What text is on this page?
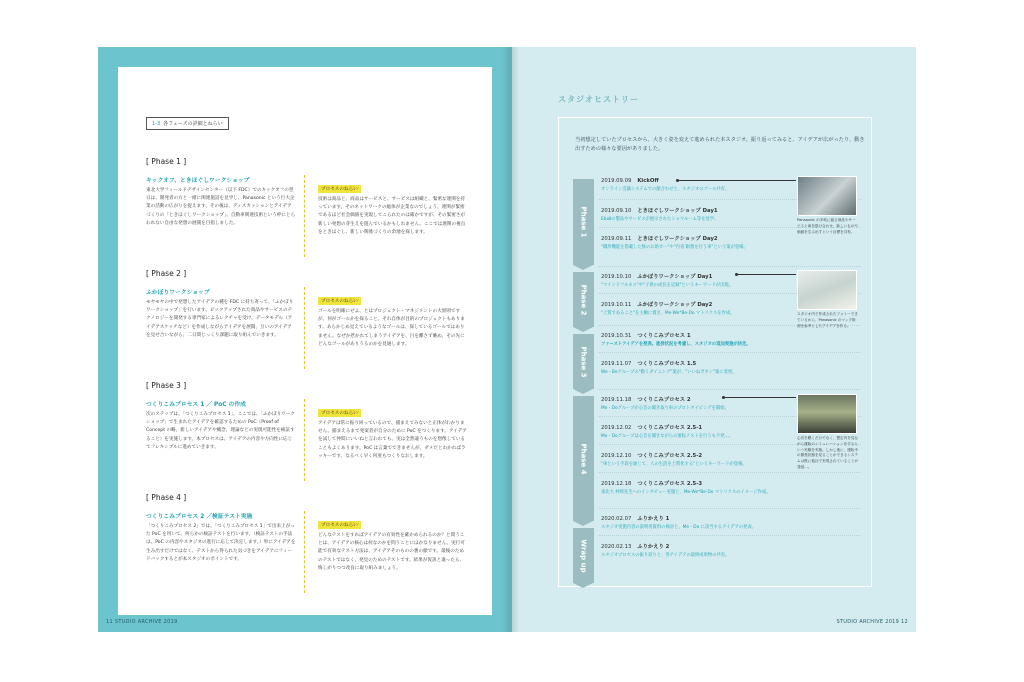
1-3 各フェーズの詳細とねらい
[ Phase 1 ]
キックオフ、ときほぐしワークショップ
東北大学フィールドデザインセンター（以下 FDC）でのキックオフの翌日は、開発者の方と一緒に関連施設を見学し、Panasonic という巨大企業の活動の広がりを捉えます。その後は、ディスカッションとアイデアづくりの「ときほぐしワークショップ」。自動車関連技術という枠にとらわれない自由な発想の展開を目指しました。
プロセスのねらい
技術は商品と、商品はサービスと、サービスは組織と、緊密な連関を持っています。そのネットワークの総体が企業なのでしょう。連関が緊密であるほど社会価値を実現してこられたのは確かですが、その緊密さが新しい発想の芽生えを阻んでいるかもしれません。ここでは連関の視点をときほぐし、新しい関係づくりの余地を探します。
[ Phase 2 ]
ふかぼりワークショップ
モヤモヤの中で発想したアイデアの種を FDC に持ち寄って、「ふかぼりワークショップ」を行います。ピックアップされた商品やサービスのテクノロジーを開発する専門家によるレクチャを受け、データモデル（アイデアスケッチなど）を作成しながらアイデアを展開、互いのアイデアを見せ合いながら、二日間じっくり課題に取り組んでいきます。
プロセスのねらい
ゴールを明確にせよ、とはプロジェクト・マネジメントの大原則ですが、何がゴールかを探ること、それ自体が目的のプロジェクトもあります。あらかじめ見えているようなゴールは、探しているゴールではありません。なぜか惹かれてしまうアイデアを、目を離さず眺め、その先にどんなゴールがありうるのかを見通します。
[ Phase 3 ]
つくりこみプロセス 1 ／ PoC の作成
次のステップは、「つくりこみプロセス 1」。ここでは、「ふかぼりワークショップ」で生まれたアイデアを確認するための PoC（Proof of Concept の略。新しいアイデアや概念、理論などの実現可能性を検証すること）を実施します。本プロセスは、アイデアの内容や方向性に応じてフレキシブルに進めていきます。
プロセスのねらい
アイデアは常に振り回っているので、捕まえてみないと正体がわかりません。捕まえるまで発案者が自分のために PoC をつくります。アイデアを試して仲間にいいねと言われても、実は全然違うものを想像していることもよくあります。PoC は言葉でできませんが、ダメだとわかればラッキーです。なるべく早く何度もつくりなおします。
[ Phase 4 ]
つくりこみプロセス 2 ／検証テスト実施
「つくりこみプロセス 2」では、「つくりこみプロセス 1」で出来上がった PoC を用いて、何らかの検証テストを行います。（検証テストの手法は、PoC の内容やスタジオの進行に応じて決定します。）単にアイデアを生み出すだけではなく、テストから得られた気づきをアイデアにフィードバックするとが本スタジオのポイントです。
プロセスのねらい
どんなテストをすればアイデアの有効性を確かめられるのか？と問うことは、アイデアの核心は何なのかを問うことにほかなりません。実行可能で有効なテスト方法は、アイデアそのものの裏の顔です。最後のためのテストではなく、発見のためのテストです。結果が仮説と違ったら、悔しがりつつ改良に取り組みましょう。
11 STUDIO ARCHIVE 2019
スタジオヒストリー
当初想定していたプロセスから、大きく姿を変えて進められた本スタジオ。振り返ってみると、アイデアが広がったり、動き出すための様々な要因がありました。
Phase 1
Phase 2
Phase 3
Phase 4
Wrap up
2019.09.09 KickOff
オンライン会議システムでの顔合わせと、スタジオのゴール共有。
2019.09.10 ときほぐしワークショップ Day1
EboⅡの製品やサービスが展示されたショウルーム等を見学。
2019.09.11 ときほぐしワークショップ Day2
"橋形機能を搭載した無のお助カー"や"内省 瞑想を行う車"という案が登場。
2019.10.10 ふかぼりワークショップ Day1
"マインドフルネス"や"子供の成長を記録"というキーワードが出現。
2019.10.11 ふかぼりワークショップ Day2
"上質であること"を主軸に置き、Me-We*Be-Do マトリクスを作成。
2019.10.31 つくりこみプロセス 1
ファーストアイデアを発表。進捗状況を考慮し、スタジオの追加実施が決定。
2019.11.07 つくりこみプロセス 1.5
We・Beグループの"動くダイニング"案が、"いいねボタン"案に変更。
2019.11.18 つくりこみプロセス 2
Me・Doグループが心音の聞き取り車のプロトタイピングを開始。
2019.12.02 つくりこみプロセス 2.5-1
Me・Doグループは心音を聞きながらの運転テストを行うも不発…。
2019.12.10 つくりこみプロセス 2.5-2
"車という手段を通じて、人の生活を上質化する"というキーワードが登場。
2019.12.18 つくりこみプロセス 2.5-3
東北大 村崎先生へのインタビュー実施と、Me-We*Be-Do マトリクスのイメージ作成。
2020.02.07 ふりかえり 1
スタジオ実施内容の説明用資料の検討と、Me・Do に該当するアイデアの発表。
2020.02.13 ふりかえり 2
スタジオプロセスの振り返りと、各アイデアの最終成果物の共有。
Panasonic の多岐に渡る商品やサービスと車を掛け合わせ、新しいものや価値を生み出すという目標を共有。
スタジオ内で作成されたフォトーできているから、Panasonic のマップ紙面を参考としたアイデアを作る。
心音を聴くだけでなく、想定内を見ながら運転のシミュレーションをするという実験を実施。しかし後に、運転中の緊張状態を見ることができるシステムは既に他社で実現されていることが発覚…。
STUDIO ARCHIVE 2019 12
